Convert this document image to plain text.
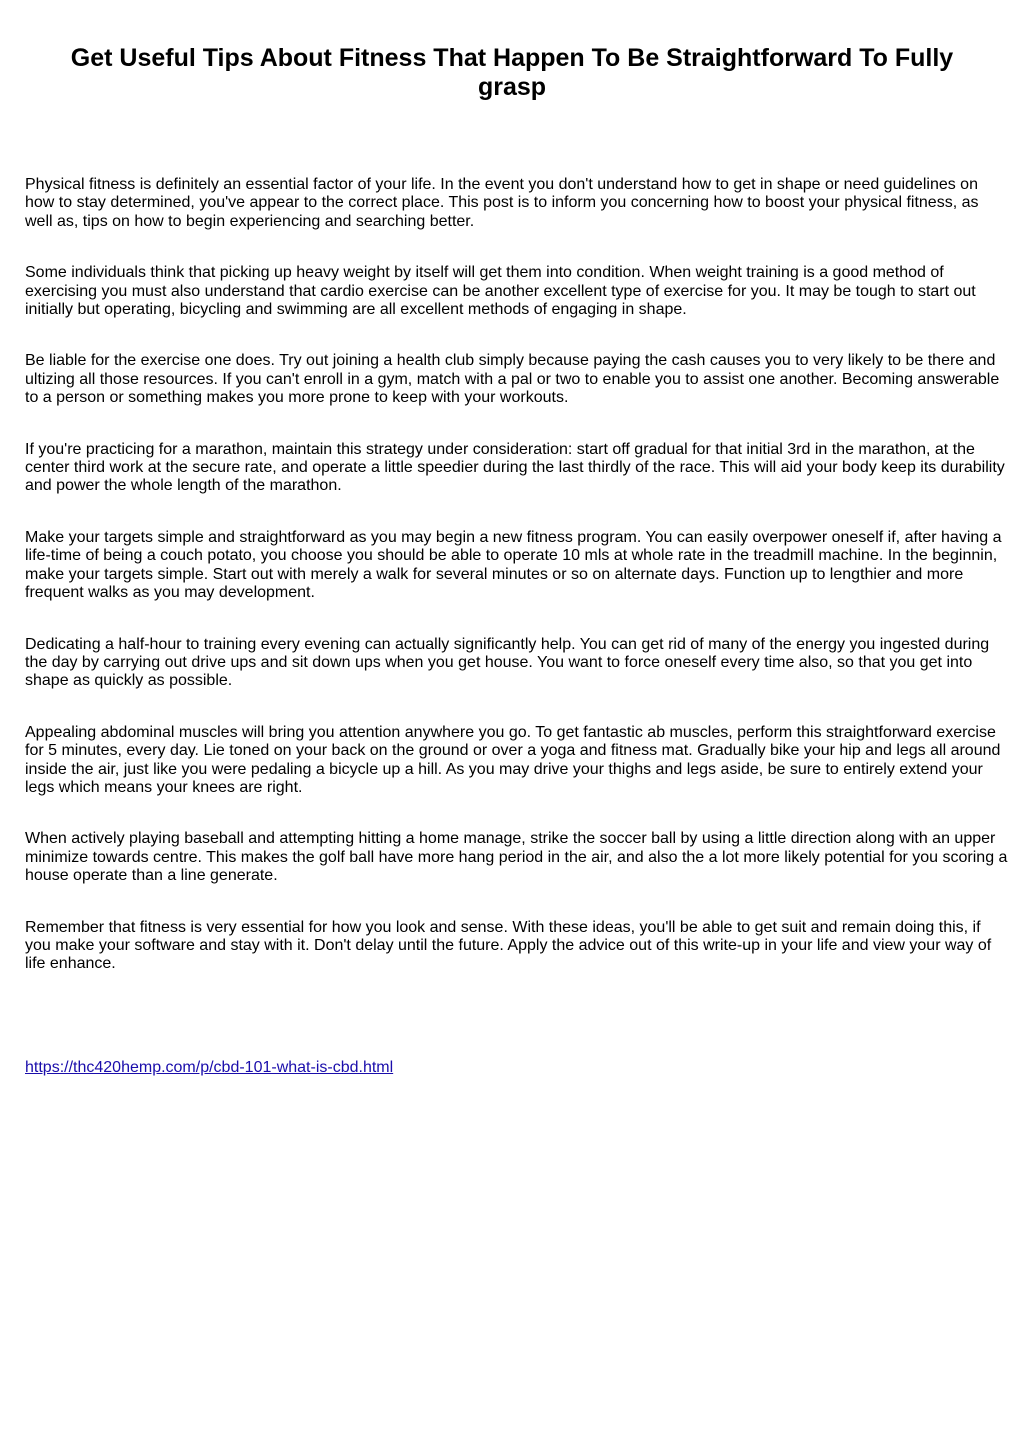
Get Useful Tips About Fitness That Happen To Be Straightforward To Fully grasp

Physical fitness is definitely an essential factor of your life. In the event you don't understand how to get in shape or need guidelines on how to stay determined, you've appear to the correct place. This post is to inform you concerning how to boost your physical fitness, as well as, tips on how to begin experiencing and searching better.

Some individuals think that picking up heavy weight by itself will get them into condition. When weight training is a good method of exercising you must also understand that cardio exercise can be another excellent type of exercise for you. It may be tough to start out initially but operating, bicycling and swimming are all excellent methods of engaging in shape.

Be liable for the exercise one does. Try out joining a health club simply because paying the cash causes you to very likely to be there and ultizing all those resources. If you can't enroll in a gym, match with a pal or two to enable you to assist one another. Becoming answerable to a person or something makes you more prone to keep with your workouts.

If you're practicing for a marathon, maintain this strategy under consideration: start off gradual for that initial 3rd in the marathon, at the center third work at the secure rate, and operate a little speedier during the last thirdly of the race. This will aid your body keep its durability and power the whole length of the marathon.

Make your targets simple and straightforward as you may begin a new fitness program. You can easily overpower oneself if, after having a life-time of being a couch potato, you choose you should be able to operate 10 mls at whole rate in the treadmill machine. In the beginnin, make your targets simple. Start out with merely a walk for several minutes or so on alternate days. Function up to lengthier and more frequent walks as you may development.

Dedicating a half-hour to training every evening can actually significantly help. You can get rid of many of the energy you ingested during the day by carrying out drive ups and sit down ups when you get house. You want to force oneself every time also, so that you get into shape as quickly as possible.

Appealing abdominal muscles will bring you attention anywhere you go. To get fantastic ab muscles, perform this straightforward exercise for 5 minutes, every day. Lie toned on your back on the ground or over a yoga and fitness mat. Gradually bike your hip and legs all around inside the air, just like you were pedaling a bicycle up a hill. As you may drive your thighs and legs aside, be sure to entirely extend your legs which means your knees are right.

When actively playing baseball and attempting hitting a home manage, strike the soccer ball by using a little direction along with an upper minimize towards centre. This makes the golf ball have more hang period in the air, and also the a lot more likely potential for you scoring a house operate than a line generate.

Remember that fitness is very essential for how you look and sense. With these ideas, you'll be able to get suit and remain doing this, if you make your software and stay with it. Don't delay until the future. Apply the advice out of this write-up in your life and view your way of life enhance.

https://thc420hemp.com/p/cbd-101-what-is-cbd.html
